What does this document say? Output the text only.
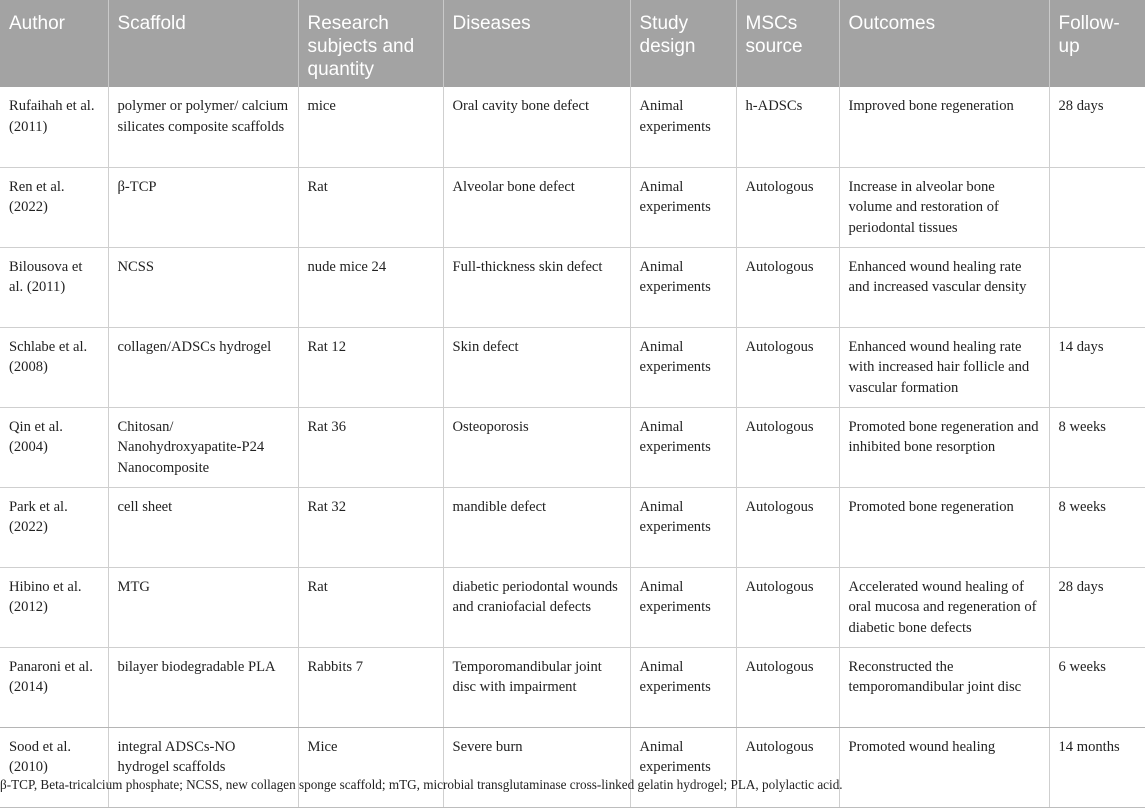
Author	Scaffold	Research subjects and quantity	Diseases	Study design	MSCs source	Outcomes	Follow-up
Rufaihah et al. (2011)	polymer or polymer/ calcium silicates composite scaffolds	mice	Oral cavity bone defect	Animal experiments	h-ADSCs	Improved bone regeneration	28 days
Ren et al. (2022)	β-TCP	Rat	Alveolar bone defect	Animal experiments	Autologous	Increase in alveolar bone volume and restoration of periodontal tissues	
Bilousova et al. (2011)	NCSS	nude mice 24	Full-thickness skin defect	Animal experiments	Autologous	Enhanced wound healing rate and increased vascular density	
Schlabe et al. (2008)	collagen/ADSCs hydrogel	Rat 12	Skin defect	Animal experiments	Autologous	Enhanced wound healing rate with increased hair follicle and vascular formation	14 days
Qin et al. (2004)	Chitosan/ Nanohydroxyapatite-P24 Nanocomposite	Rat 36	Osteoporosis	Animal experiments	Autologous	Promoted bone regeneration and inhibited bone resorption	8 weeks
Park et al. (2022)	cell sheet	Rat 32	mandible defect	Animal experiments	Autologous	Promoted bone regeneration	8 weeks
Hibino et al. (2012)	MTG	Rat	diabetic periodontal wounds and craniofacial defects	Animal experiments	Autologous	Accelerated wound healing of oral mucosa and regeneration of diabetic bone defects	28 days
Panaroni et al. (2014)	bilayer biodegradable PLA	Rabbits 7	Temporomandibular joint disc with impairment	Animal experiments	Autologous	Reconstructed the temporomandibular joint disc	6 weeks
Sood et al. (2010)	integral ADSCs-NO hydrogel scaffolds	Mice	Severe burn	Animal experiments	Autologous	Promoted wound healing	14 months
β-TCP, Beta-tricalcium phosphate; NCSS, new collagen sponge scaffold; mTG, microbial transglutaminase cross-linked gelatin hydrogel; PLA, polylactic acid.
